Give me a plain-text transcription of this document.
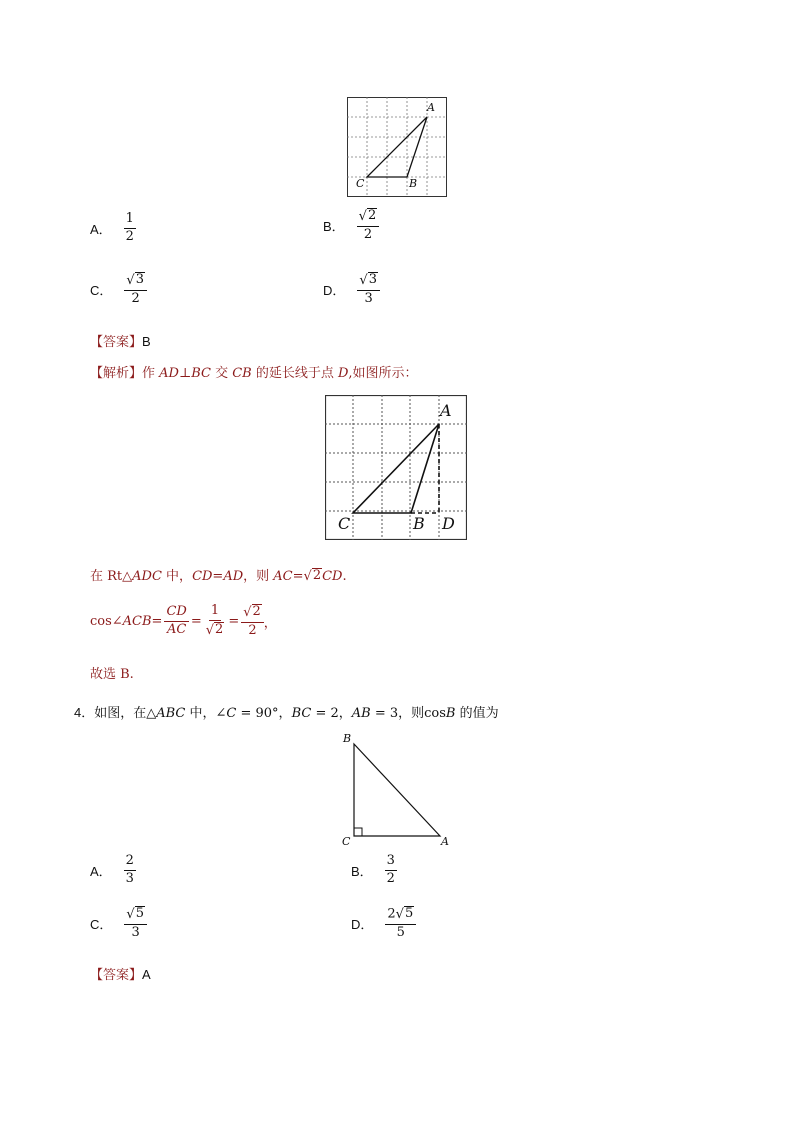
A
C	B
A． $\frac{1}{2}$	B． $\frac{√ 2}{2}$
C． $\frac{√ 3}{2}$	D． $\frac{√ 3}{3}$
【答案】B
【解析】作 AD⊥BC 交 CB 的延长线于点 D,如图所示：
A
C	B D
在 Rt△ADC 中，CD=AD，则 AC= √ 2 CD.
cos∠ $ACB= \frac{CD}{AC} = \frac{1}{√ 2} = \frac{√ 2}{2}$ ，
故选 B.
4．如图，在△ABC 中，∠C = 90°，BC = 2，AB = 3，则cosB 的值为
B
C	A
A． $\frac{2}{3}$	B． $\frac{3}{2}$
C． $\frac{√ 5}{3}$	D． $\frac{2 √ 5}{5}$
【答案】A
